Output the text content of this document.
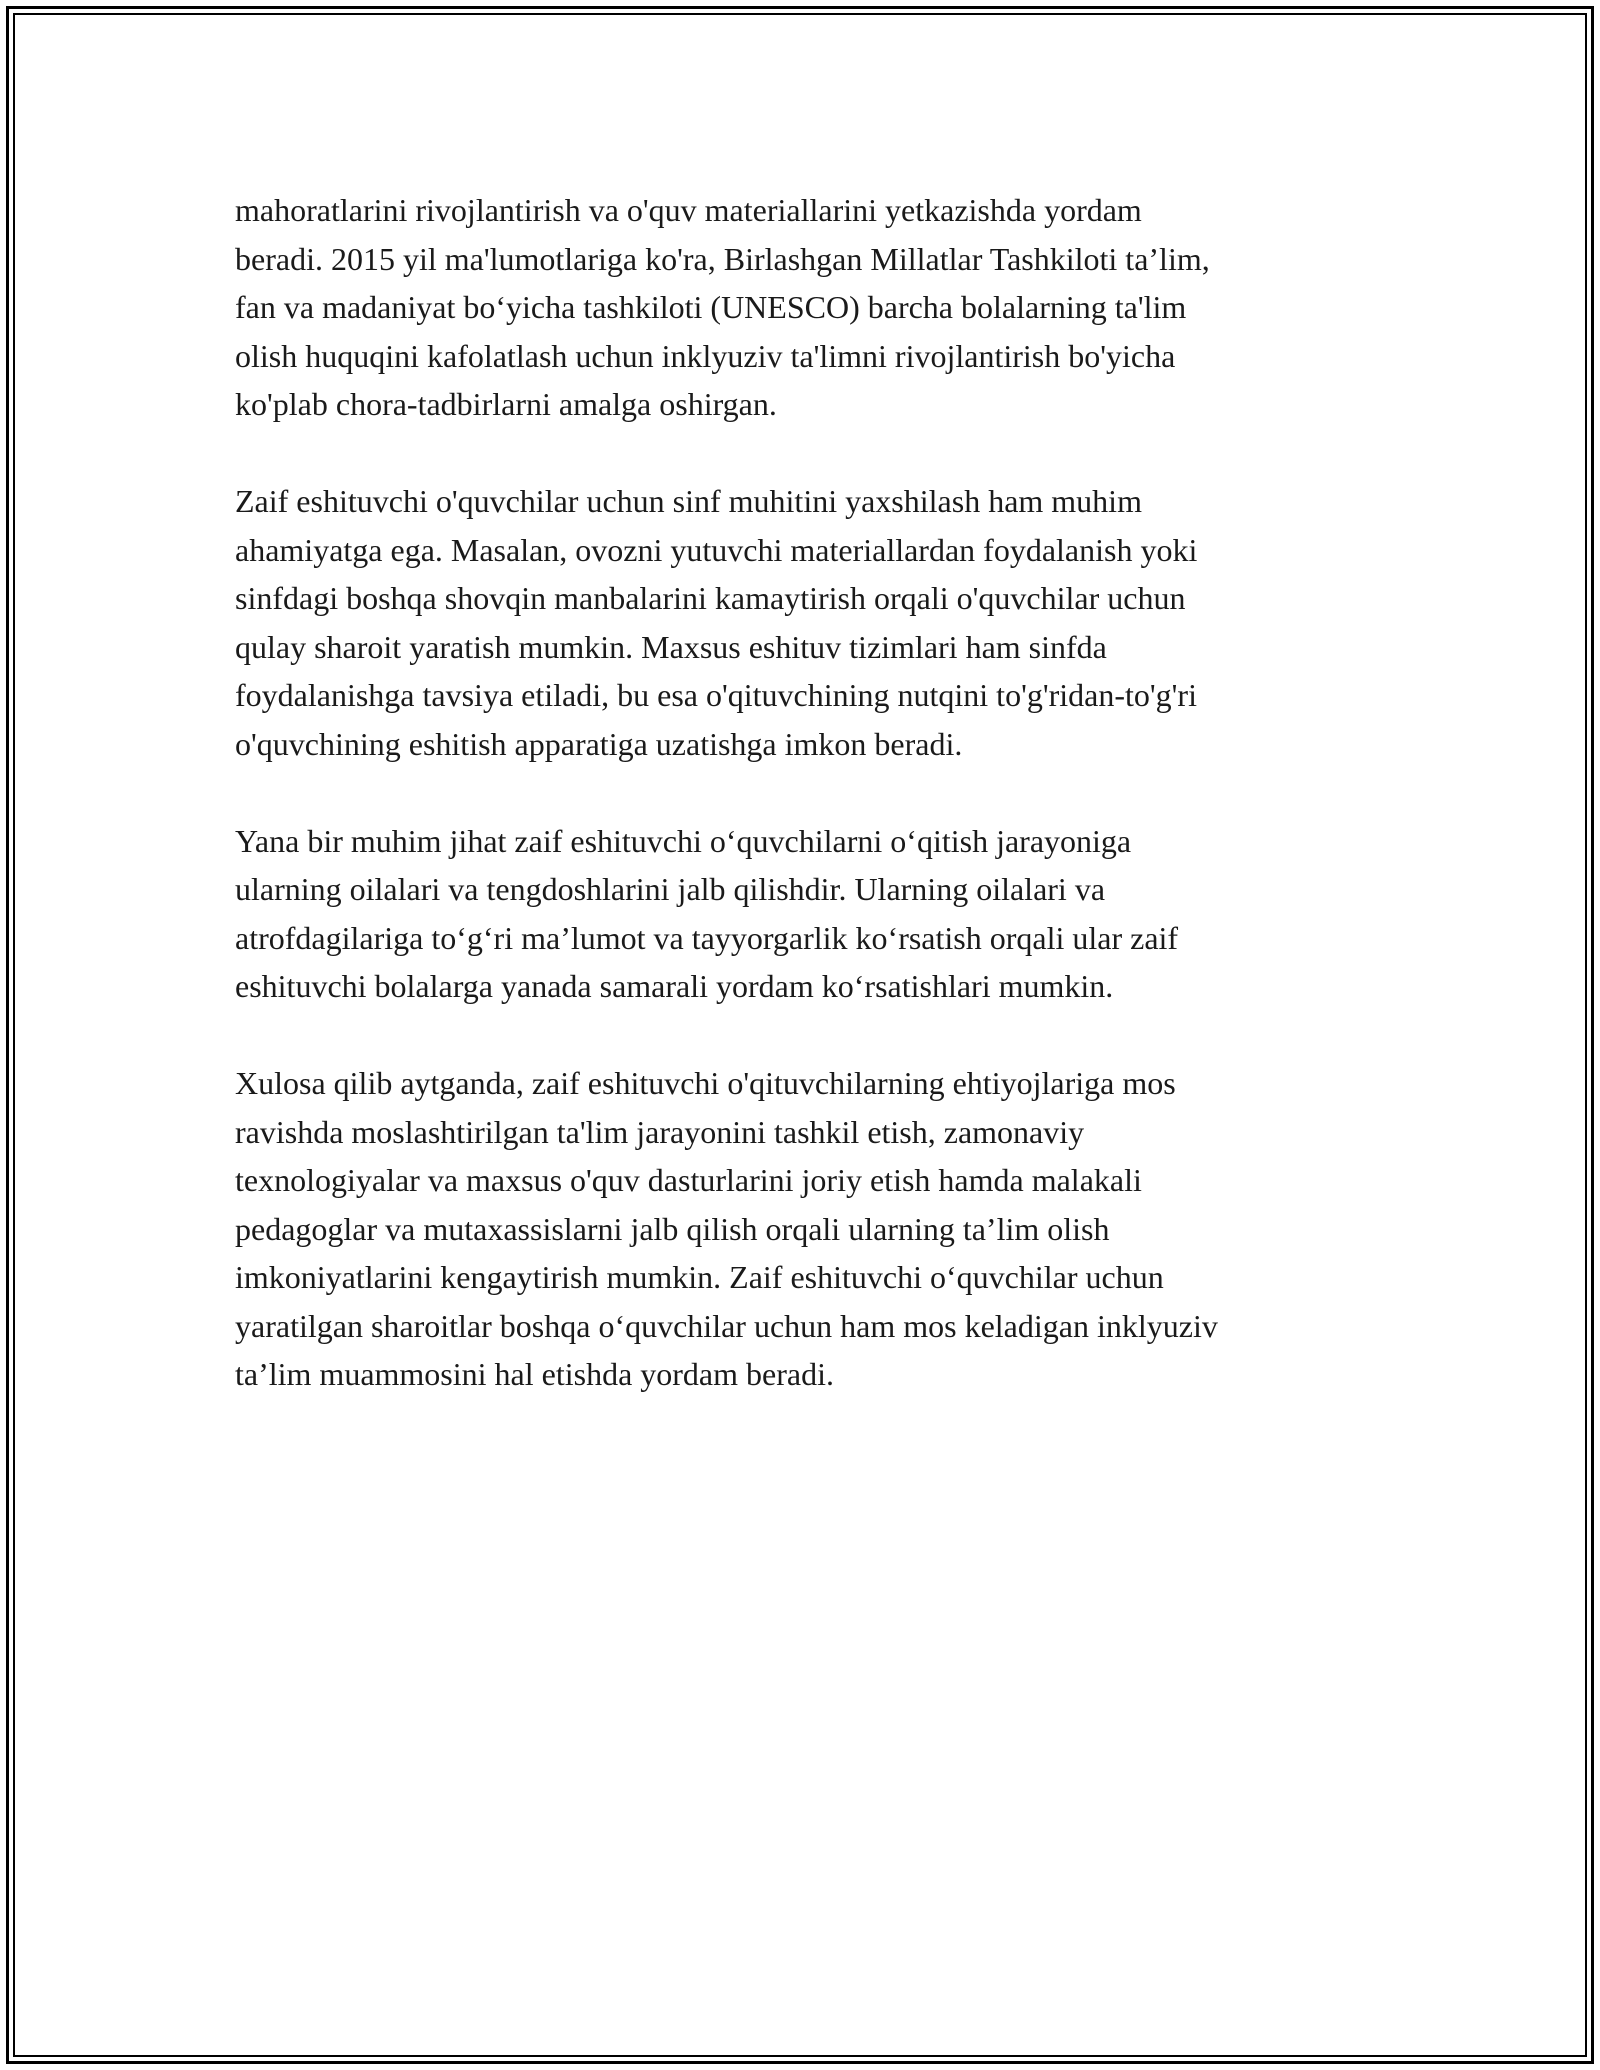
mahoratlarini rivojlantirish va o'quv materiallarini yetkazishda yordam
beradi. 2015 yil ma'lumotlariga ko'ra, Birlashgan Millatlar Tashkiloti ta’lim,
fan va madaniyat bo‘yicha tashkiloti (UNESCO) barcha bolalarning ta'lim
olish huquqini kafolatlash uchun inklyuziv ta'limni rivojlantirish bo'yicha
ko'plab chora-tadbirlarni amalga oshirgan.

Zaif eshituvchi o'quvchilar uchun sinf muhitini yaxshilash ham muhim
ahamiyatga ega. Masalan, ovozni yutuvchi materiallardan foydalanish yoki
sinfdagi boshqa shovqin manbalarini kamaytirish orqali o'quvchilar uchun
qulay sharoit yaratish mumkin. Maxsus eshituv tizimlari ham sinfda
foydalanishga tavsiya etiladi, bu esa o'qituvchining nutqini to'g'ridan-to'g'ri
o'quvchining eshitish apparatiga uzatishga imkon beradi.

Yana bir muhim jihat zaif eshituvchi o‘quvchilarni o‘qitish jarayoniga
ularning oilalari va tengdoshlarini jalb qilishdir. Ularning oilalari va
atrofdagilariga to‘g‘ri ma’lumot va tayyorgarlik ko‘rsatish orqali ular zaif
eshituvchi bolalarga yanada samarali yordam ko‘rsatishlari mumkin.

Xulosa qilib aytganda, zaif eshituvchi o'qituvchilarning ehtiyojlariga mos
ravishda moslashtirilgan ta'lim jarayonini tashkil etish, zamonaviy
texnologiyalar va maxsus o'quv dasturlarini joriy etish hamda malakali
pedagoglar va mutaxassislarni jalb qilish orqali ularning ta’lim olish
imkoniyatlarini kengaytirish mumkin. Zaif eshituvchi o‘quvchilar uchun
yaratilgan sharoitlar boshqa o‘quvchilar uchun ham mos keladigan inklyuziv
ta’lim muammosini hal etishda yordam beradi.
